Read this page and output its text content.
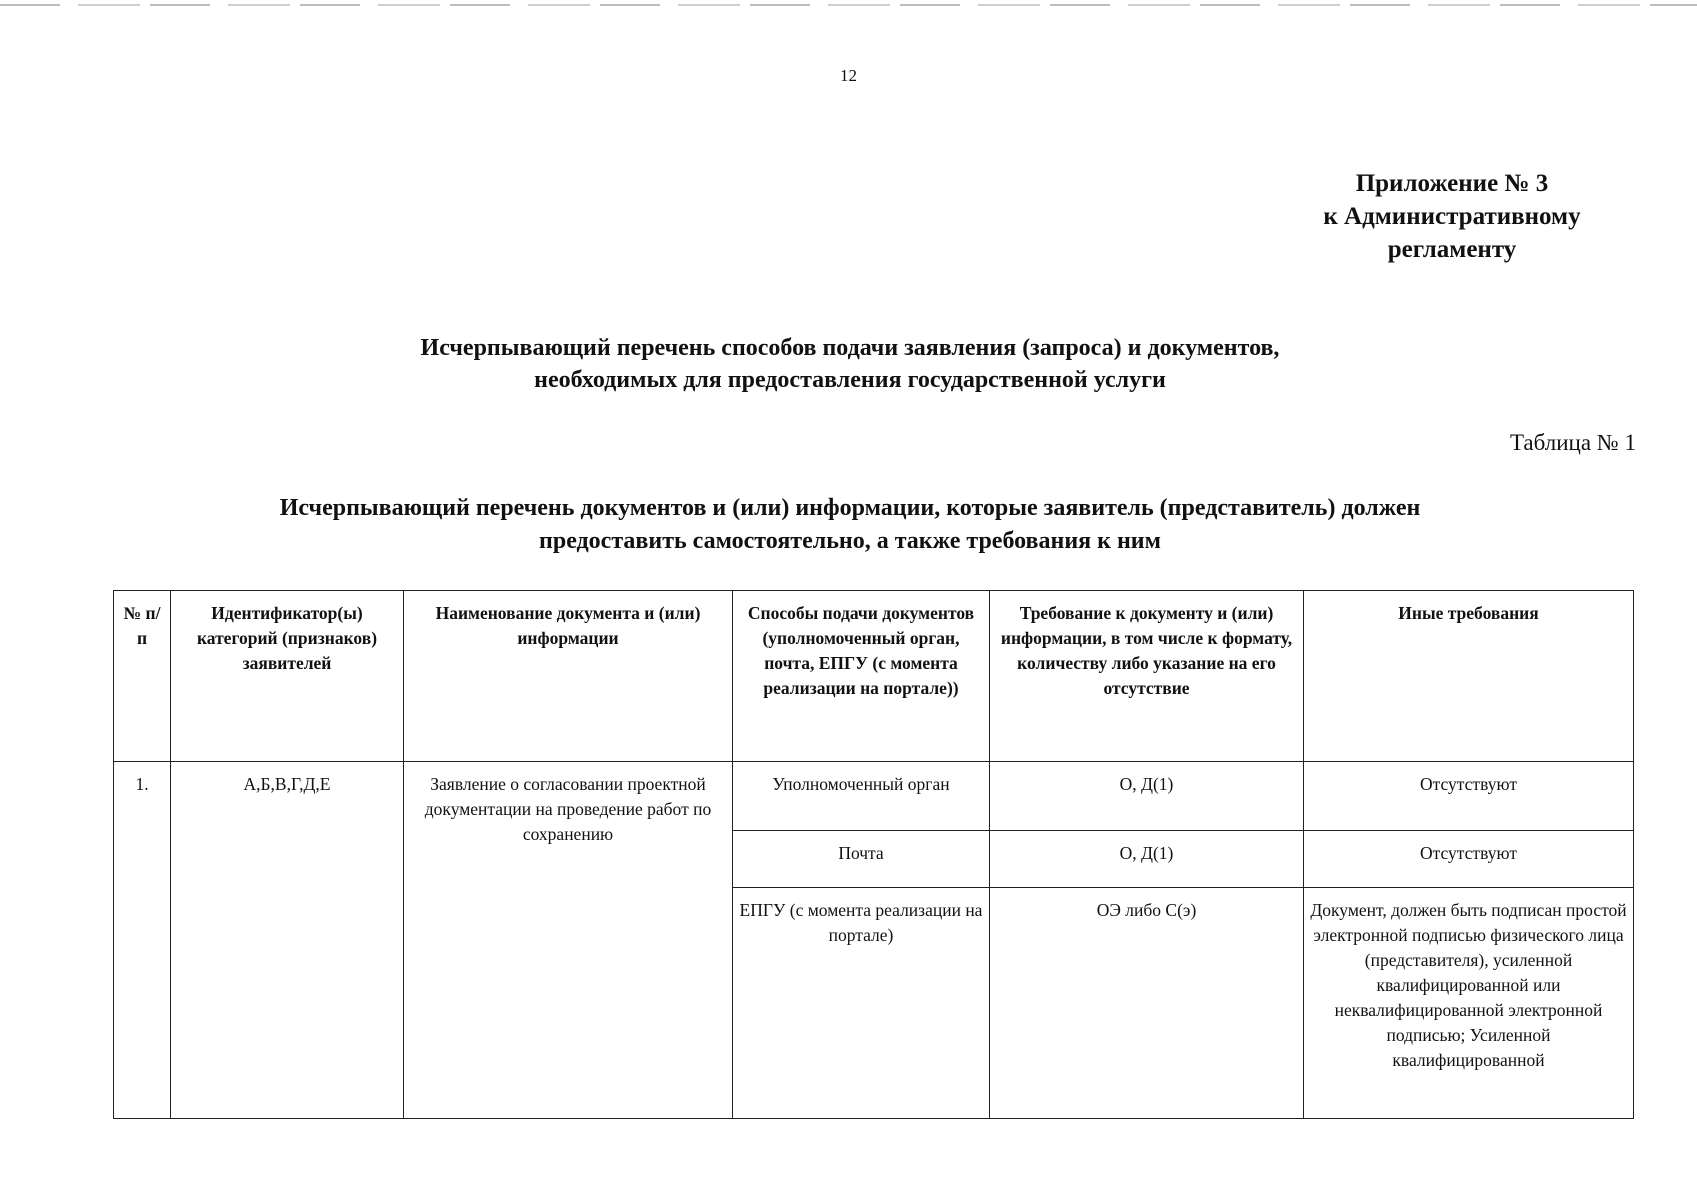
12
Приложение № 3
к Административному
регламенту
Исчерпывающий перечень способов подачи заявления (запроса) и документов,
необходимых для предоставления государственной услуги
Таблица № 1
Исчерпывающий перечень документов и (или) информации, которые заявитель (представитель) должен
предоставить самостоятельно, а также требования к ним
№ п/п	Идентификатор(ы) категорий (признаков) заявителей	Наименование документа и (или) информации	Способы подачи документов (уполномоченный орган, почта, ЕПГУ (с момента реализации на портале))	Требование к документу и (или) информации, в том числе к формату, количеству либо указание на его отсутствие	Иные требования
1.	А,Б,В,Г,Д,Е	Заявление о согласовании проектной документации на проведение работ по сохранению	Уполномоченный орган	О, Д(1)	Отсутствуют
			Почта	О, Д(1)	Отсутствуют
			ЕПГУ (с момента реализации на портале)	ОЭ либо С(э)	Документ, должен быть подписан простой электронной подписью физического лица (представителя), усиленной квалифицированной или неквалифицированной электронной подписью; Усиленной квалифицированной
